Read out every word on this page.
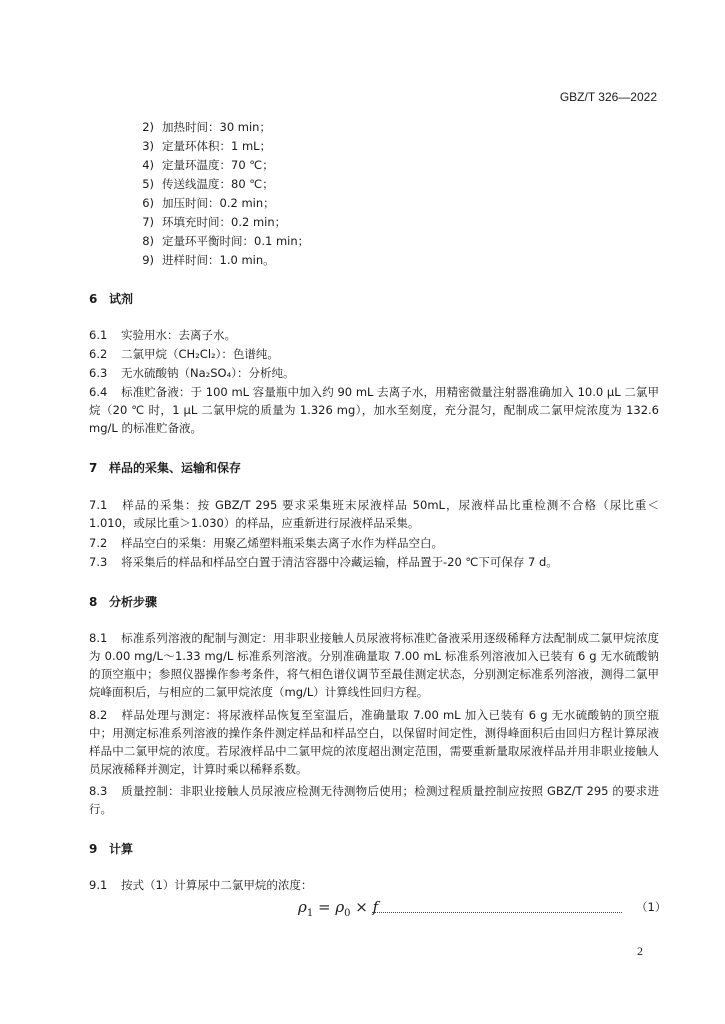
GBZ/T 326—2022
2) 加热时间：30 min；
3) 定量环体积：1 mL；
4) 定量环温度：70 ℃；
5) 传送线温度：80 ℃；
6) 加压时间：0.2 min；
7) 环填充时间：0.2 min；
8) 定量环平衡时间：0.1 min；
9) 进样时间：1.0 min。
6 试剂
6.1 实验用水：去离子水。
6.2 二氯甲烷（CH₂Cl₂）：色谱纯。
6.3 无水硫酸钠（Na₂SO₄）：分析纯。
6.4 标准贮备液：于 100 mL 容量瓶中加入约 90 mL 去离子水，用精密微量注射器准确加入 10.0 μL 二氯甲烷（20 ℃ 时，1 μL 二氯甲烷的质量为 1.326 mg），加水至刻度，充分混匀，配制成二氯甲烷浓度为 132.6 mg/L 的标准贮备液。
7 样品的采集、运输和保存
7.1 样品的采集：按 GBZ/T 295 要求采集班末尿液样品 50mL，尿液样品比重检测不合格（尿比重＜1.010，或尿比重＞1.030）的样品，应重新进行尿液样品采集。
7.2 样品空白的采集：用聚乙烯塑料瓶采集去离子水作为样品空白。
7.3 将采集后的样品和样品空白置于清洁容器中冷藏运输，样品置于-20 ℃下可保存 7 d。
8 分析步骤
8.1 标准系列溶液的配制与测定：用非职业接触人员尿液将标准贮备液采用逐级稀释方法配制成二氯甲烷浓度为 0.00 mg/L～1.33 mg/L 标准系列溶液。分别准确量取 7.00 mL 标准系列溶液加入已装有 6 g 无水硫酸钠的顶空瓶中；参照仪器操作参考条件，将气相色谱仪调节至最佳测定状态，分别测定标准系列溶液，测得二氯甲烷峰面积后，与相应的二氯甲烷浓度（mg/L）计算线性回归方程。
8.2 样品处理与测定：将尿液样品恢复至室温后，准确量取 7.00 mL 加入已装有 6 g 无水硫酸钠的顶空瓶中；用测定标准系列溶液的操作条件测定样品和样品空白，以保留时间定性，测得峰面积后由回归方程计算尿液样品中二氯甲烷的浓度。若尿液样品中二氯甲烷的浓度超出测定范围，需要重新量取尿液样品并用非职业接触人员尿液稀释并测定，计算时乘以稀释系数。
8.3 质量控制：非职业接触人员尿液应检测无待测物后使用；检测过程质量控制应按照 GBZ/T 295 的要求进行。
9 计算
9.1 按式（1）计算尿中二氯甲烷的浓度：
$\rho_1 = \rho_0 \times f$	（1）
2
